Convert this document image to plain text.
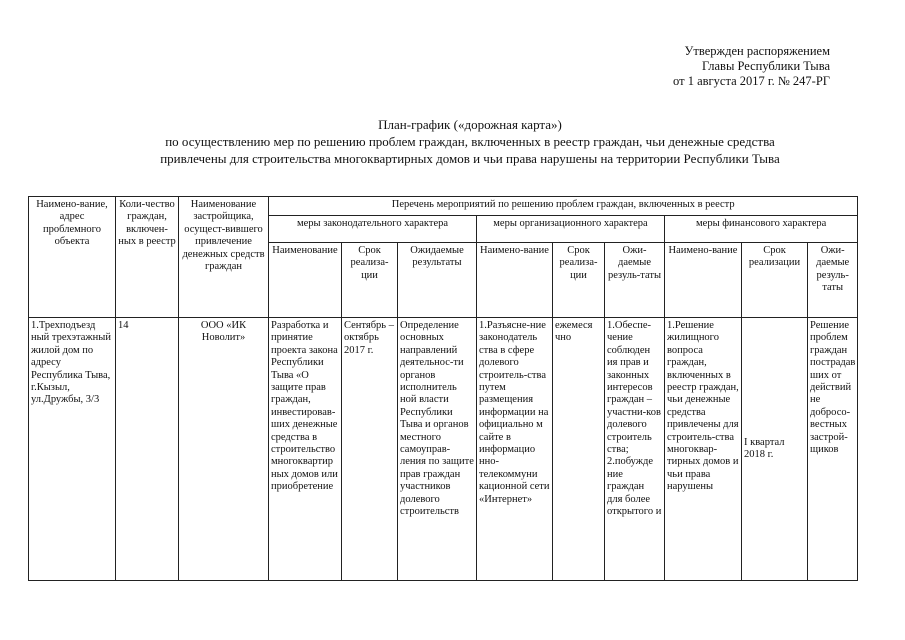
Утвержден распоряжением
Главы Республики Тыва
от 1 августа 2017 г. № 247-РГ
План-график («дорожная карта»)
по осуществлению мер по решению проблем граждан, включенных в реестр граждан, чьи денежные средства
привлечены для строительства многоквартирных домов и чьи права нарушены на территории Республики Тыва
Наимено-вание, адрес проблемного объекта	Коли-чество граждан, включен-ных в реестр	Наименование застройщика, осущест-вившего привлечение денежных средств граждан	Перечень мероприятий по решению проблем граждан, включенных в реестр								
			меры законодательного характера			меры организационного характера			меры финансового характера		
			Наименование	Срок реализа-ции	Ожидаемые результаты	Наимено-вание	Срок реализа-ции	Ожи-даемые резуль-таты	Наимено-вание	Срок реализации	Ожи-даемые резуль-таты
1.Трехподъезд ный трехэтажный жилой дом по адресу Республика Тыва, г.Кызыл, ул.Дружбы, 3/3	14	ООО «ИК Новолит»	Разработка и принятие проекта закона Республики Тыва «О защите прав граждан, инвестировав-ших денежные средства в строительство многоквартир ных домов или приобретение	Сентябрь – октябрь 2017 г.	Определение основных направлений деятельнос-ти органов исполнитель ной власти Республики Тыва и органов местного самоуправ-ления по защите прав граждан участников долевого строительств	1.Разъясне-ние законодатель ства в сфере долевого строитель-ства путем размещения информации на официально м сайте в информацио нно-телекоммуни кационной сети «Интернет»	ежемеся чно	1.Обеспе-чение соблюден ия прав и законных интересов граждан – участни-ков долевого строитель ства; 2.побужде ние граждан для более открытого и	1.Решение жилищного вопроса граждан, включенных в реестр граждан, чьи денежные средства привлечены для строитель-ства многоквар-тирных домов и чьи права нарушены	I квартал 2018 г.	Решение проблем граждан пострадав ших от действий не добросо-вестных застрой-щиков
